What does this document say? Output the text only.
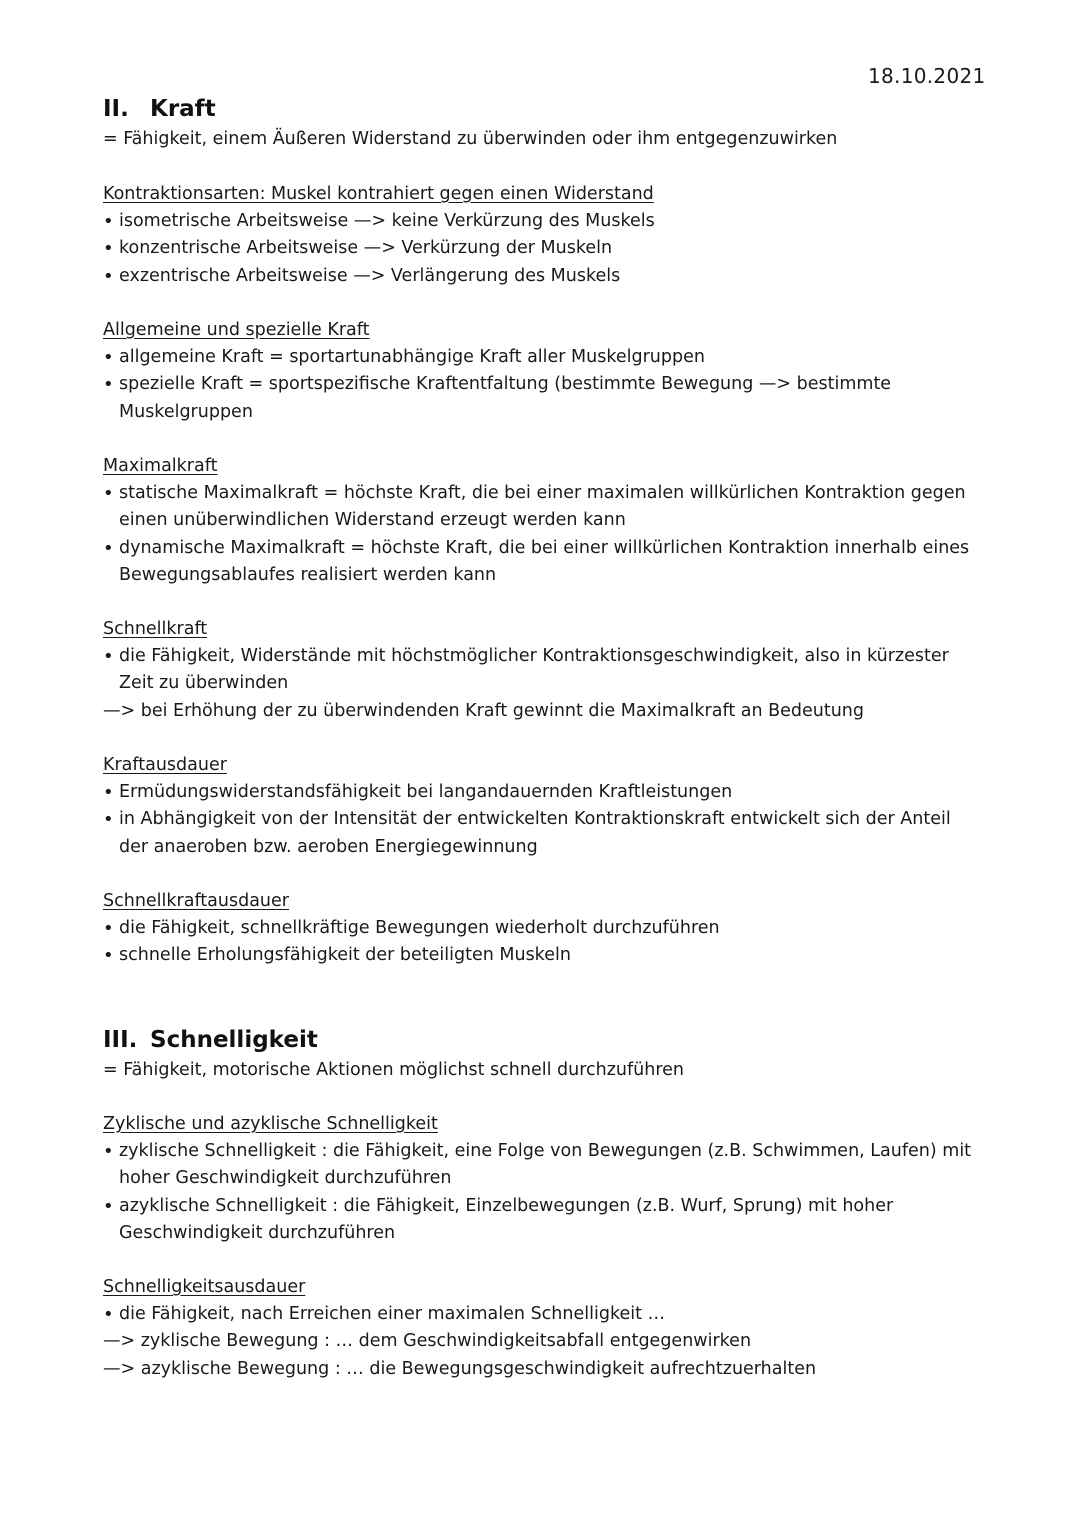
18.10.2021
II. Kraft

= Fähigkeit, einem Äußeren Widerstand zu überwinden oder ihm entgegenzuwirken

Kontraktionsarten: Muskel kontrahiert gegen einen Widerstand

• isometrische Arbeitsweise —> keine Verkürzung des Muskels
• konzentrische Arbeitsweise —> Verkürzung der Muskeln
• exzentrische Arbeitsweise —> Verlängerung des Muskels

Allgemeine und spezielle Kraft

• allgemeine Kraft = sportartunabhängige Kraft aller Muskelgruppen
• spezielle Kraft = sportspezifische Kraftentfaltung (bestimmte Bewegung —> bestimmte Muskelgruppen

Maximalkraft

• statische Maximalkraft = höchste Kraft, die bei einer maximalen willkürlichen Kontraktion gegen einen unüberwindlichen Widerstand erzeugt werden kann
• dynamische Maximalkraft = höchste Kraft, die bei einer willkürlichen Kontraktion innerhalb eines Bewegungsablaufes realisiert werden kann

Schnellkraft

• die Fähigkeit, Widerstände mit höchstmöglicher Kontraktionsgeschwindigkeit, also in kürzester Zeit zu überwinden
—> bei Erhöhung der zu überwindenden Kraft gewinnt die Maximalkraft an Bedeutung

Kraftausdauer

• Ermüdungswiderstandsfähigkeit bei langandauernden Kraftleistungen
• in Abhängigkeit von der Intensität der entwickelten Kontraktionskraft entwickelt sich der Anteil der anaeroben bzw. aeroben Energiegewinnung

Schnellkraftausdauer

• die Fähigkeit, schnellkräftige Bewegungen wiederholt durchzuführen
• schnelle Erholungsfähigkeit der beteiligten Muskeln
III. Schnelligkeit

= Fähigkeit, motorische Aktionen möglichst schnell durchzuführen

Zyklische und azyklische Schnelligkeit

• zyklische Schnelligkeit : die Fähigkeit, eine Folge von Bewegungen (z.B. Schwimmen, Laufen) mit hoher Geschwindigkeit durchzuführen
• azyklische Schnelligkeit : die Fähigkeit, Einzelbewegungen (z.B. Wurf, Sprung) mit hoher Geschwindigkeit durchzuführen

Schnelligkeitsausdauer

• die Fähigkeit, nach Erreichen einer maximalen Schnelligkeit …
—> zyklische Bewegung : … dem Geschwindigkeitsabfall entgegenwirken
—> azyklische Bewegung : … die Bewegungsgeschwindigkeit aufrechtzuerhalten
